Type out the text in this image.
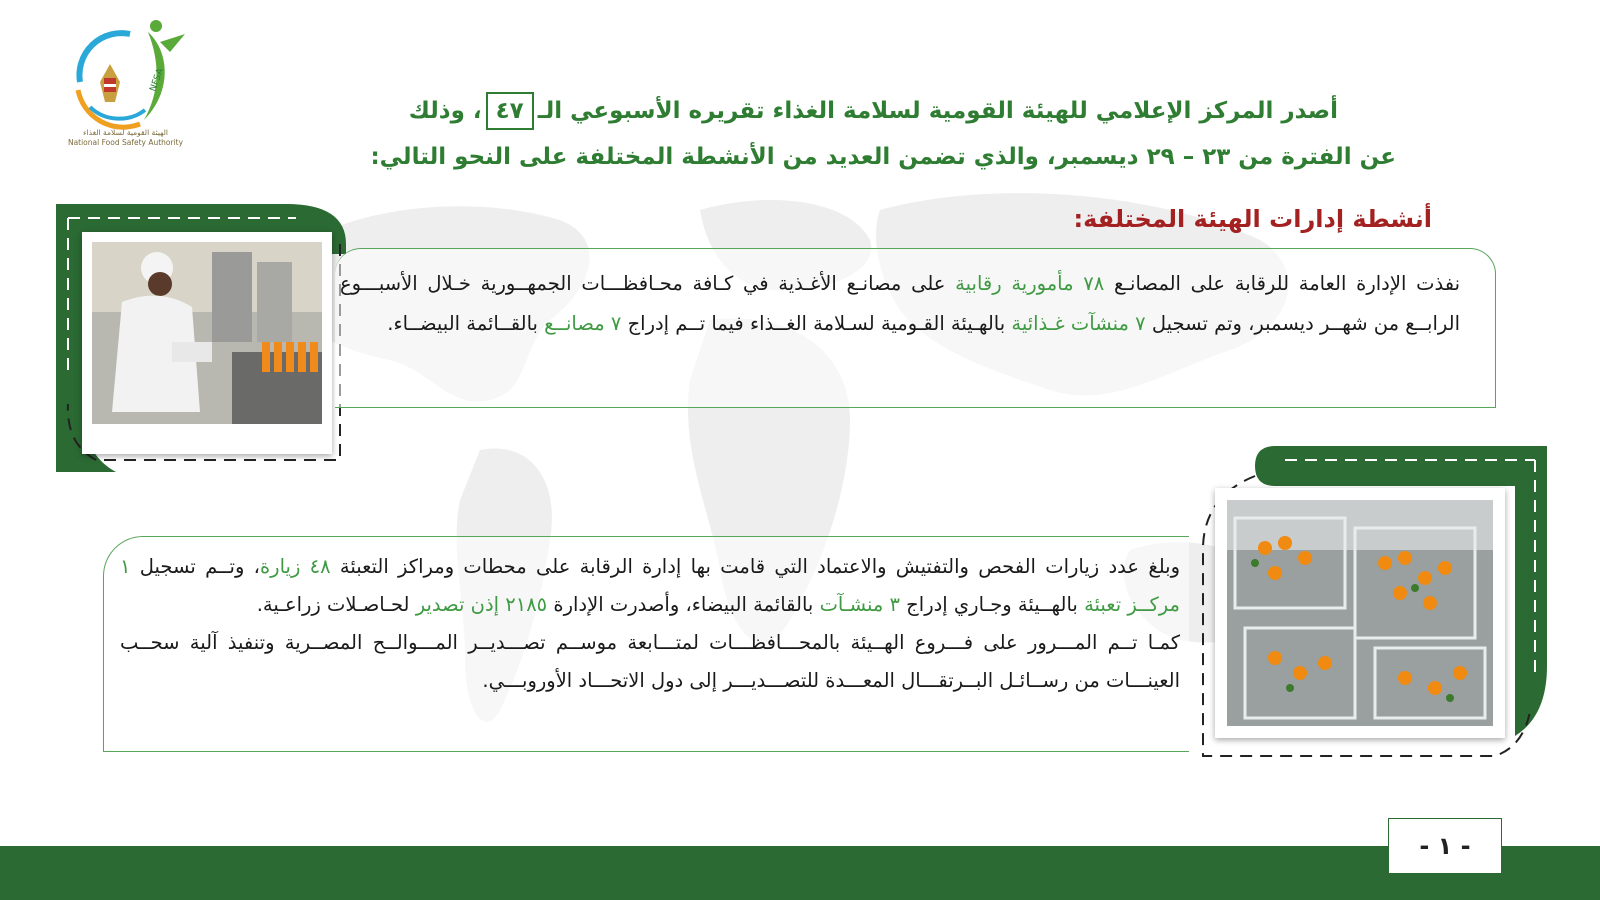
NFSA
الهيئة القومية لسلامة الغذاء
National Food Safety Authority
أصدر المركز الإعلامي للهيئة القومية لسلامة الغذاء تقريره الأسبوعي الـ٤٧، وذلك
عن الفترة من ٢٣ – ٢٩ ديسمبر، والذي تضمن العديد من الأنشطة المختلفة على النحو التالي:
أنشطة إدارات الهيئة المختلفة:
نفذت الإدارة العامة للرقابة على المصانـع ٧٨ مأمورية رقابية على مصانـع الأغـذية في كـافة محـافظـــات الجمهــورية خـلال الأسبـــوع الرابــع من شهــر ديسمبر، وتم تسجيل ٧ منشآت غـذائية بالهـيئة القـومية لسـلامة الغــذاء فيما تــم إدراج ٧ مصانــع بالقــائمة البيضــاء.
وبلغ عدد زيارات الفحص والتفتيش والاعتماد التي قامت بها إدارة الرقابة على محطات ومراكز التعبئة ٤٨ زيارة، وتــم تسجيل ١ مركــز تعبئة بالهــيئة وجـاري إدراج ٣ منشـآت بالقائمة البيضاء، وأصدرت الإدارة ٢١٨٥ إذن تصدير لحـاصـلات زراعـية.
كمـا تــم المـــرور على فـــروع الهــيئة بالمحـــافظـــات لمتـــابعة موســم تصـــديــر المـــوالــح المصــرية وتنفيذ آلية سحــب العينـــات من رســائـل البــرتقـــال المعـــدة للتصـــديـــر إلى دول الاتحـــاد الأوروبـــي.
- ١ -
